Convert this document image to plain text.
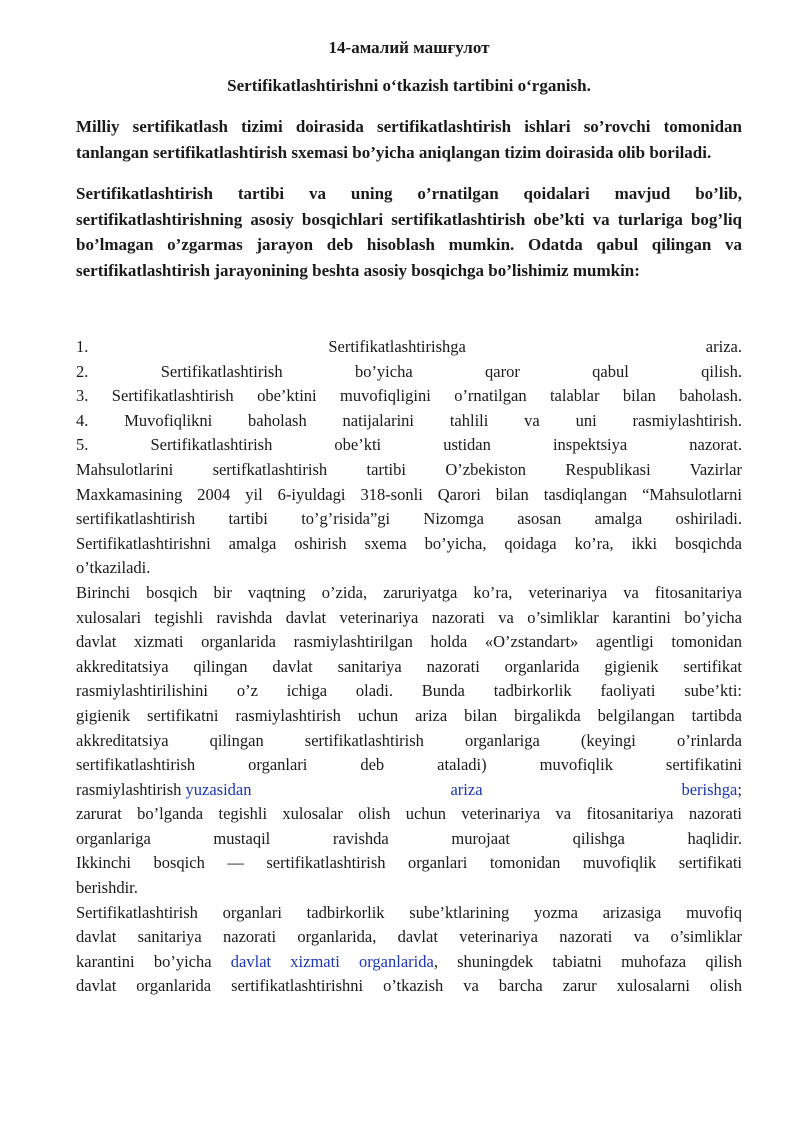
14-амалий машғулот

Sertifikatlashtirishni o‘tkazish tartibini o‘rganish.

Milliy sertifikatlash tizimi doirasida sertifikatlashtirish ishlari so’rovchi tomonidan tanlangan sertifikatlashtirish sxemasi bo’yicha aniqlangan tizim doirasida olib boriladi.

Sertifikatlashtirish tartibi va uning o’rnatilgan qoidalari mavjud bo’lib, sertifikatlashtirishning asosiy bosqichlari sertifikatlashtirish obe’kti va turlariga bog’liq bo’lmagan o’zgarmas jarayon deb hisoblash mumkin. Odatda qabul qilingan va sertifikatlashtirish jarayonining beshta asosiy bosqichga bo’lishimiz mumkin:

1.	Sertifikatlashtirishga	ariza.
2.	Sertifikatlashtirish	bo’yicha	qaror	qabul	qilish.
3. Sertifikatlashtirish obe’ktini muvofiqligini o’rnatilgan talablar bilan baholash.
4. Muvofiqlikni baholash natijalarini tahlili va uni rasmiylashtirish.
5.	Sertifikatlashtirish	obe’kti	ustidan	inspektsiya	nazorat.
Mahsulotlarini sertifkatlashtirish tartibi O’zbekiston Respublikasi Vazirlar
Maxkamasining 2004 yil 6-iyuldagi 318-sonli Qarori bilan tasdiqlangan “Mahsulotlarni
sertifikatlashtirish tartibi to’g’risida”gi Nizomga asosan amalga oshiriladi.
Sertifikatlashtirishni amalga oshirish sxema bo’yicha, qoidaga ko’ra, ikki bosqichda
o’tkaziladi.
Birinchi bosqich bir vaqtning o’zida, zaruriyatga ko’ra, veterinariya va fitosanitariya
xulosalari tegishli ravishda davlat veterinariya nazorati va o’simliklar karantini bo’yicha
davlat xizmati organlarida rasmiylashtirilgan holda «O’zstandart» agentligi tomonidan
akkreditatsiya qilingan davlat sanitariya nazorati organlarida gigienik sertifikat
rasmiylashtirilishini o’z ichiga oladi. Bunda tadbirkorlik faoliyati sube’kti:
gigienik sertifikatni rasmiylashtirish uchun ariza bilan birgalikda belgilangan tartibda
akkreditatsiya qilingan sertifikatlashtirish organlariga (keyingi o’rinlarda
sertifikatlashtirish organlari deb ataladi) muvofiqlik sertifikatini
rasmiylashtirish yuzasidan	ariza	berishga;
zarurat bo’lganda tegishli xulosalar olish uchun veterinariya va fitosanitariya nazorati
organlariga mustaqil ravishda murojaat qilishga haqlidir.
Ikkinchi bosqich — sertifikatlashtirish organlari tomonidan muvofiqlik sertifikati
berishdir.
Sertifikatlashtirish organlari tadbirkorlik sube’ktlarining yozma arizasiga muvofiq
davlat sanitariya nazorati organlarida, davlat veterinariya nazorati va o’simliklar
karantini bo’yicha davlat xizmati organlarida, shuningdek tabiatni muhofaza qilish
davlat organlarida sertifikatlashtirishni o’tkazish va barcha zarur xulosalarni olish
